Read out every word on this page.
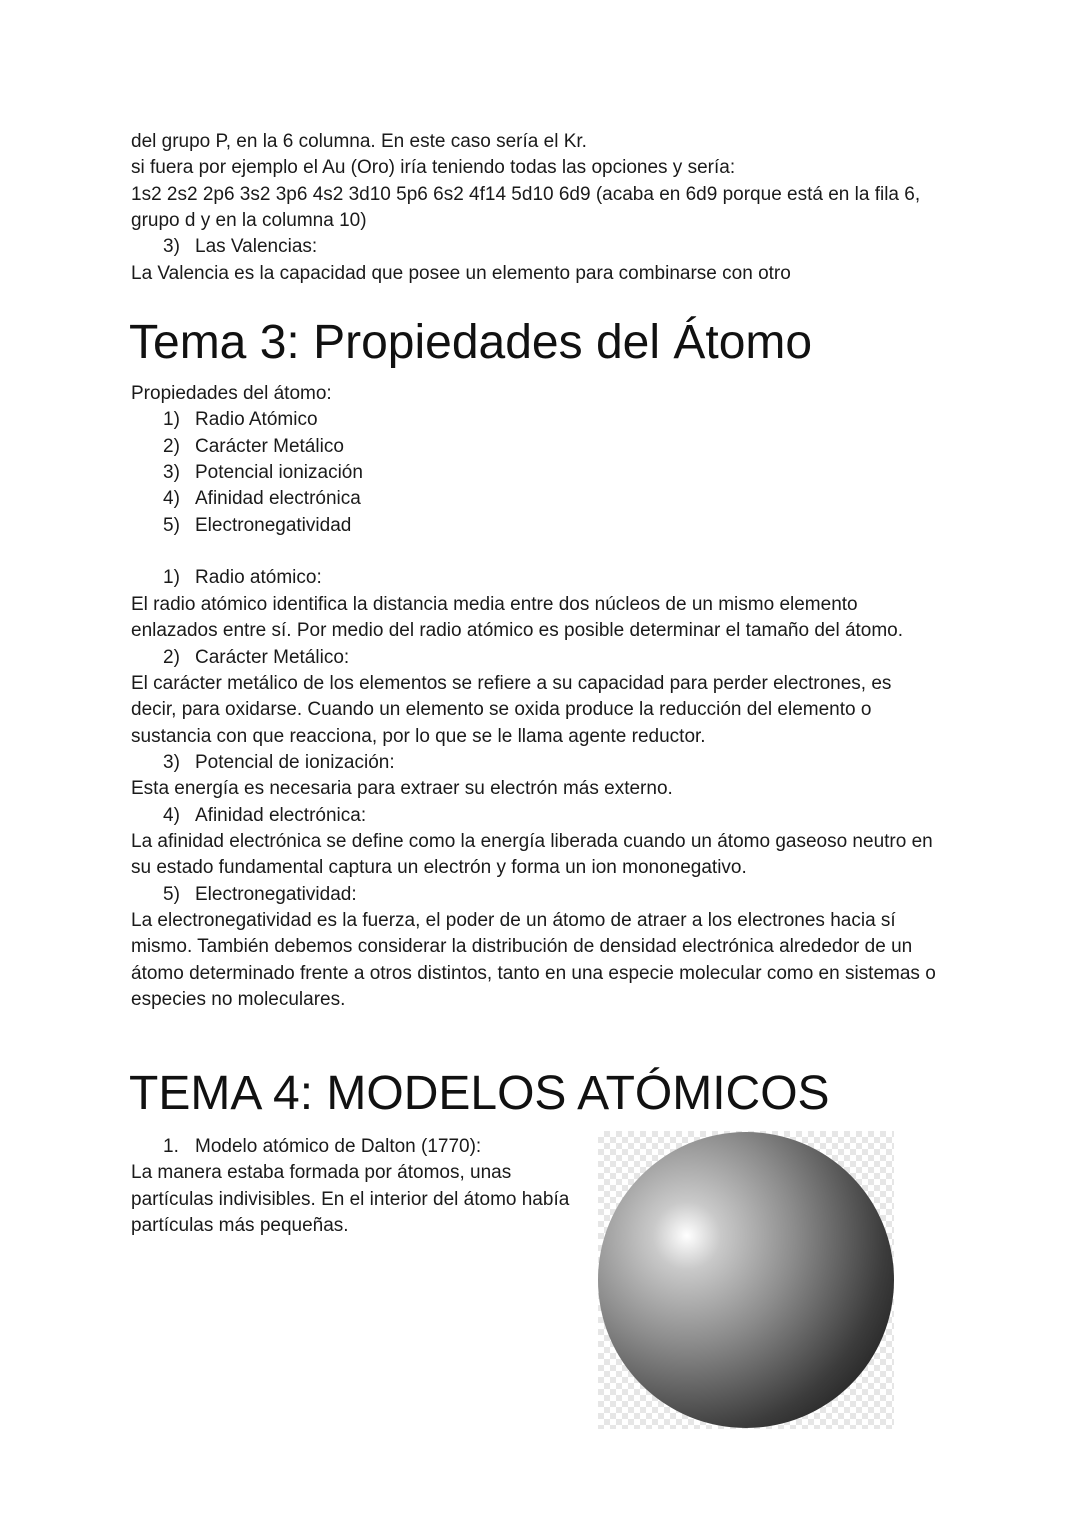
del grupo P, en la 6 columna. En este caso sería el Kr.

si fuera por ejemplo el Au (Oro) iría teniendo todas las opciones y sería:

1s2 2s2 2p6 3s2 3p6 4s2 3d10 5p6 6s2 4f14 5d10 6d9 (acaba en 6d9 porque está en la fila 6,

grupo d y en la columna 10)

3) Las Valencias:

La Valencia es la capacidad que posee un elemento para combinarse con otro

Tema 3: Propiedades del Átomo

Propiedades del átomo:

1) Radio Atómico

2) Carácter Metálico

3) Potencial ionización

4) Afinidad electrónica

5) Electronegatividad

1) Radio atómico:

El radio atómico identifica la distancia media entre dos núcleos de un mismo elemento

enlazados entre sí. Por medio del radio atómico es posible determinar el tamaño del átomo.

2) Carácter Metálico:

El carácter metálico de los elementos se refiere a su capacidad para perder electrones, es

decir, para oxidarse. Cuando un elemento se oxida produce la reducción del elemento o

sustancia con que reacciona, por lo que se le llama agente reductor.

3) Potencial de ionización:

Esta energía es necesaria para extraer su electrón más externo.

4) Afinidad electrónica:

La afinidad electrónica se define como la energía liberada cuando un átomo gaseoso neutro en

su estado fundamental captura un electrón y forma un ion mononegativo.

5) Electronegatividad:

La electronegatividad es la fuerza, el poder de un átomo de atraer a los electrones hacia sí

mismo. También debemos considerar la distribución de densidad electrónica alrededor de un

átomo determinado frente a otros distintos, tanto en una especie molecular como en sistemas o

especies no moleculares.

TEMA 4: MODELOS ATÓMICOS

1. Modelo atómico de Dalton (1770):

La manera estaba formada por átomos, unas

partículas indivisibles. En el interior del átomo había

partículas más pequeñas.
